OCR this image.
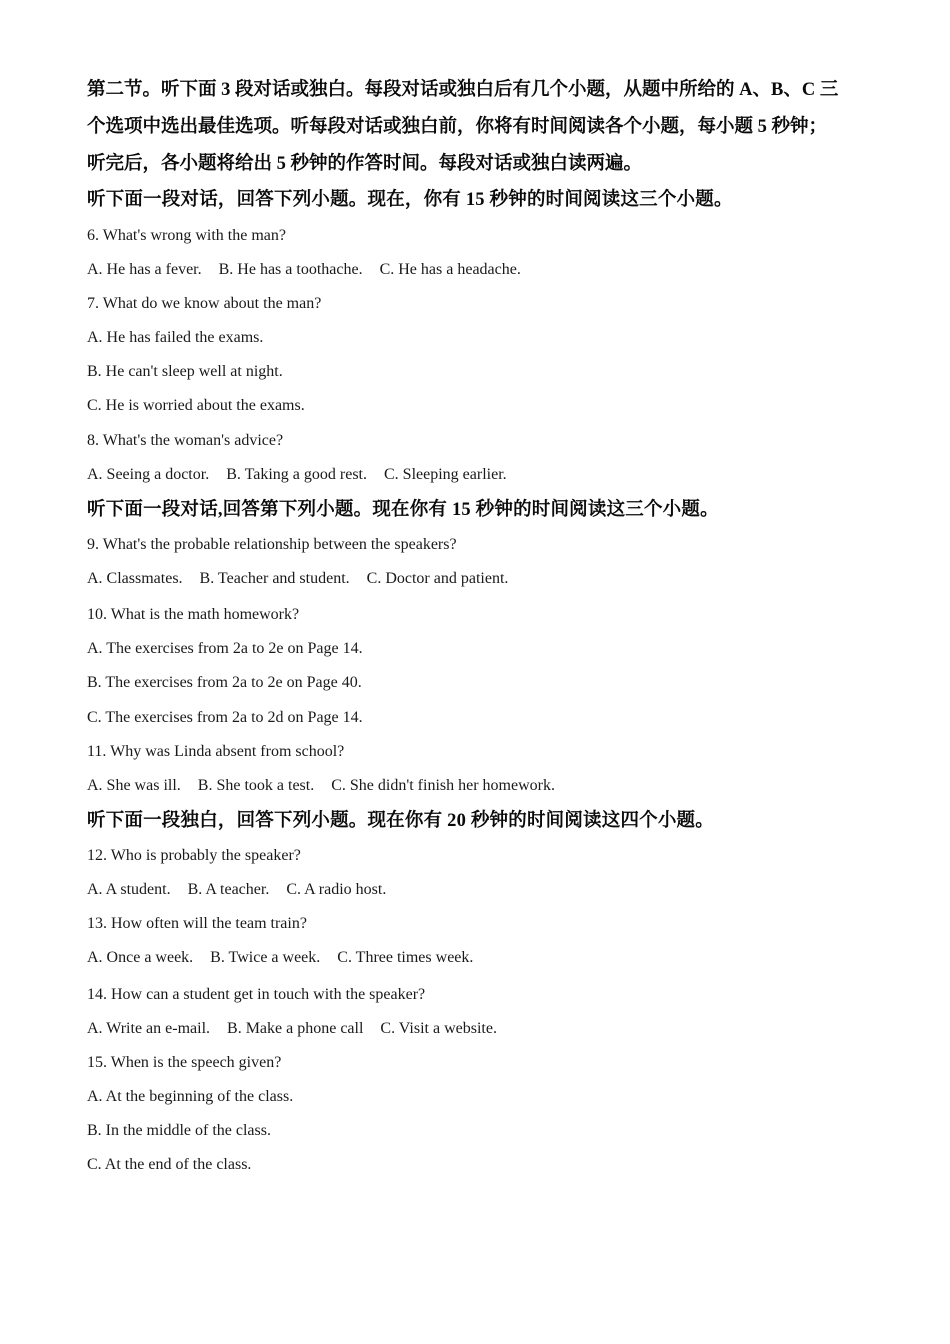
第二节。听下面 3 段对话或独白。每段对话或独白后有几个小题，从题中所给的 A、B、C 三
个选项中选出最佳选项。听每段对话或独白前，你将有时间阅读各个小题，每小题 5 秒钟；
听完后，各小题将给出 5 秒钟的作答时间。每段对话或独白读两遍。
听下面一段对话，回答下列小题。现在，你有 15 秒钟的时间阅读这三个小题。
6. What's wrong with the man?
A. He has a fever. B. He has a toothache. C. He has a headache.
7. What do we know about the man?
A. He has failed the exams.
B. He can't sleep well at night.
C. He is worried about the exams.
8. What's the woman's advice?
A. Seeing a doctor. B. Taking a good rest. C. Sleeping earlier.
听下面一段对话,回答第下列小题。现在你有 15 秒钟的时间阅读这三个小题。
9. What's the probable relationship between the speakers?
A. Classmates. B. Teacher and student. C. Doctor and patient.
10. What is the math homework?
A. The exercises from 2a to 2e on Page 14.
B. The exercises from 2a to 2e on Page 40.
C. The exercises from 2a to 2d on Page 14.
11. Why was Linda absent from school?
A. She was ill. B. She took a test. C. She didn't finish her homework.
听下面一段独白，回答下列小题。现在你有 20 秒钟的时间阅读这四个小题。
12. Who is probably the speaker?
A. A student. B. A teacher. C. A radio host.
13. How often will the team train?
A. Once a week. B. Twice a week. C. Three times week.
14. How can a student get in touch with the speaker?
A. Write an e-mail. B. Make a phone call C. Visit a website.
15. When is the speech given?
A. At the beginning of the class.
B. In the middle of the class.
C. At the end of the class.
